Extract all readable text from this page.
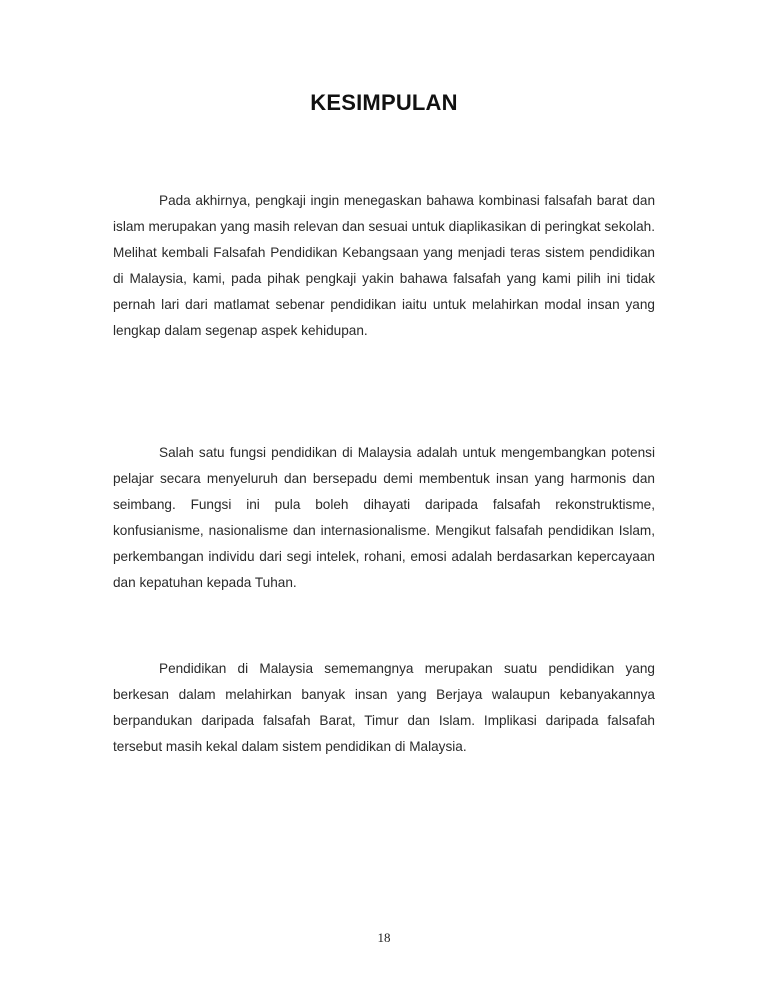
KESIMPULAN

Pada akhirnya, pengkaji ingin menegaskan bahawa kombinasi falsafah barat dan islam merupakan yang masih relevan dan sesuai untuk diaplikasikan di peringkat sekolah. Melihat kembali Falsafah Pendidikan Kebangsaan yang menjadi teras sistem pendidikan di Malaysia, kami, pada pihak pengkaji yakin bahawa falsafah yang kami pilih ini tidak pernah lari dari matlamat sebenar pendidikan iaitu untuk melahirkan modal insan yang lengkap dalam segenap aspek kehidupan.

Salah satu fungsi pendidikan di Malaysia adalah untuk mengembangkan potensi pelajar secara menyeluruh dan bersepadu demi membentuk insan yang harmonis dan seimbang. Fungsi ini pula boleh dihayati daripada falsafah rekonstruktisme, konfusianisme, nasionalisme dan internasionalisme. Mengikut falsafah pendidikan Islam, perkembangan individu dari segi intelek, rohani, emosi adalah berdasarkan kepercayaan dan kepatuhan kepada Tuhan.

Pendidikan di Malaysia sememangnya merupakan suatu pendidikan yang berkesan dalam melahirkan banyak insan yang Berjaya walaupun kebanyakannya berpandukan daripada falsafah Barat, Timur dan Islam. Implikasi daripada falsafah tersebut masih kekal dalam sistem pendidikan di Malaysia.

18
